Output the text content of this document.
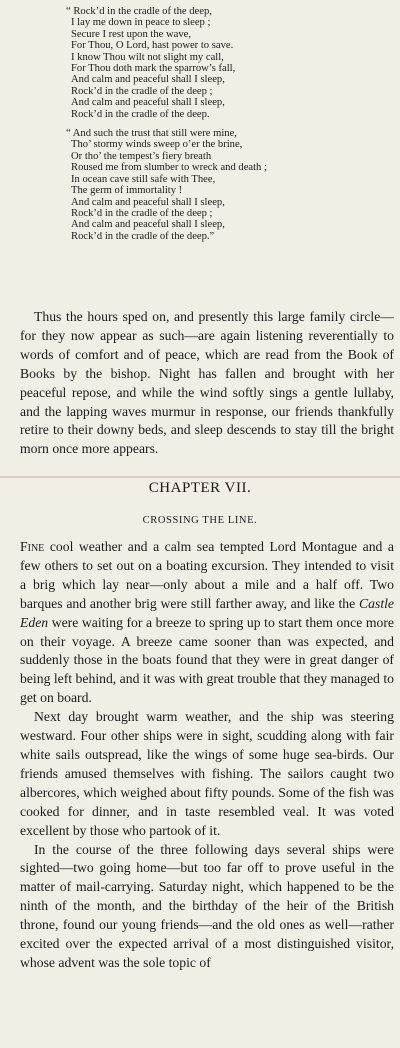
“ Rock’d in the cradle of the deep,
I lay me down in peace to sleep ;
Secure I rest upon the wave,
For Thou, O Lord, hast power to save.
I know Thou wilt not slight my call,
For Thou doth mark the sparrow’s fall,
And calm and peaceful shall I sleep,
Rock’d in the cradle of the deep ;
And calm and peaceful shall I sleep,
Rock’d in the cradle of the deep.
“ And such the trust that still were mine,
Tho’ stormy winds sweep o’er the brine,
Or tho’ the tempest’s fiery breath
Roused me from slumber to wreck and death ;
In ocean cave still safe with Thee,
The germ of immortality !
And calm and peaceful shall I sleep,
Rock’d in the cradle of the deep ;
And calm and peaceful shall I sleep,
Rock’d in the cradle of the deep.”

Thus the hours sped on, and presently this large family circle—for they now appear as such—are again listening reverentially to words of comfort and of peace, which are read from the Book of Books by the bishop. Night has fallen and brought with her peaceful repose, and while the wind softly sings a gentle lullaby, and the lapping waves murmur in response, our friends thankfully retire to their downy beds, and sleep descends to stay till the bright morn once more appears.

CHAPTER VII.
CROSSING THE LINE.

Fine cool weather and a calm sea tempted Lord Montague and a few others to set out on a boating excursion. They intended to visit a brig which lay near—only about a mile and a half off. Two barques and another brig were still farther away, and like the Castle Eden were waiting for a breeze to spring up to start them once more on their voyage. A breeze came sooner than was expected, and suddenly those in the boats found that they were in great danger of being left behind, and it was with great trouble that they managed to get on board.

Next day brought warm weather, and the ship was steering westward. Four other ships were in sight, scudding along with fair white sails outspread, like the wings of some huge sea-birds. Our friends amused themselves with fishing. The sailors caught two albercores, which weighed about fifty pounds. Some of the fish was cooked for dinner, and in taste resembled veal. It was voted excellent by those who partook of it.

In the course of the three following days several ships were sighted—two going home—but too far off to prove useful in the matter of mail-carrying. Saturday night, which happened to be the ninth of the month, and the birthday of the heir of the British throne, found our young friends—and the old ones as well—rather excited over the expected arrival of a most distinguished visitor, whose advent was the sole topic of
